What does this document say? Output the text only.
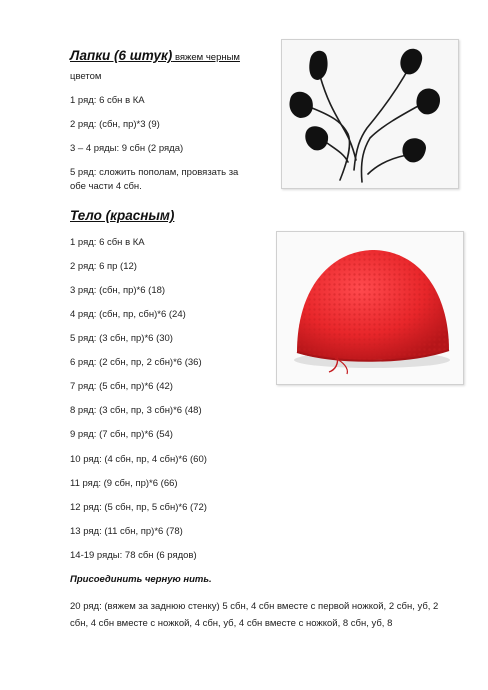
Лапки (6 штук) вяжем черным
цветом
1 ряд: 6 сбн в КА
2 ряд: (сбн, пр)*3 (9)
3 – 4 ряды: 9 сбн (2 ряда)
5 ряд: сложить пополам, провязать за
обе части 4 сбн.
Тело (красным)
1 ряд: 6 сбн в КА
2 ряд: 6 пр (12)
3 ряд: (сбн, пр)*6 (18)
4 ряд: (сбн, пр, сбн)*6 (24)
5 ряд: (3 сбн, пр)*6 (30)
6 ряд: (2 сбн, пр, 2 сбн)*6 (36)
7 ряд: (5 сбн, пр)*6 (42)
8 ряд: (3 сбн, пр, 3 сбн)*6 (48)
9 ряд: (7 сбн, пр)*6 (54)
10 ряд: (4 сбн, пр, 4 сбн)*6 (60)
11 ряд: (9 сбн, пр)*6 (66)
12 ряд: (5 сбн, пр, 5 сбн)*6 (72)
13 ряд: (11 сбн, пр)*6 (78)
14-19 ряды: 78 сбн (6 рядов)
Присоединить черную нить.
20 ряд: (вяжем за заднюю стенку) 5 сбн, 4 сбн вместе с первой ножкой, 2 сбн, уб, 2 сбн, 4 сбн вместе с ножкой, 4 сбн, уб, 4 сбн вместе с ножкой, 8 сбн, уб, 8
